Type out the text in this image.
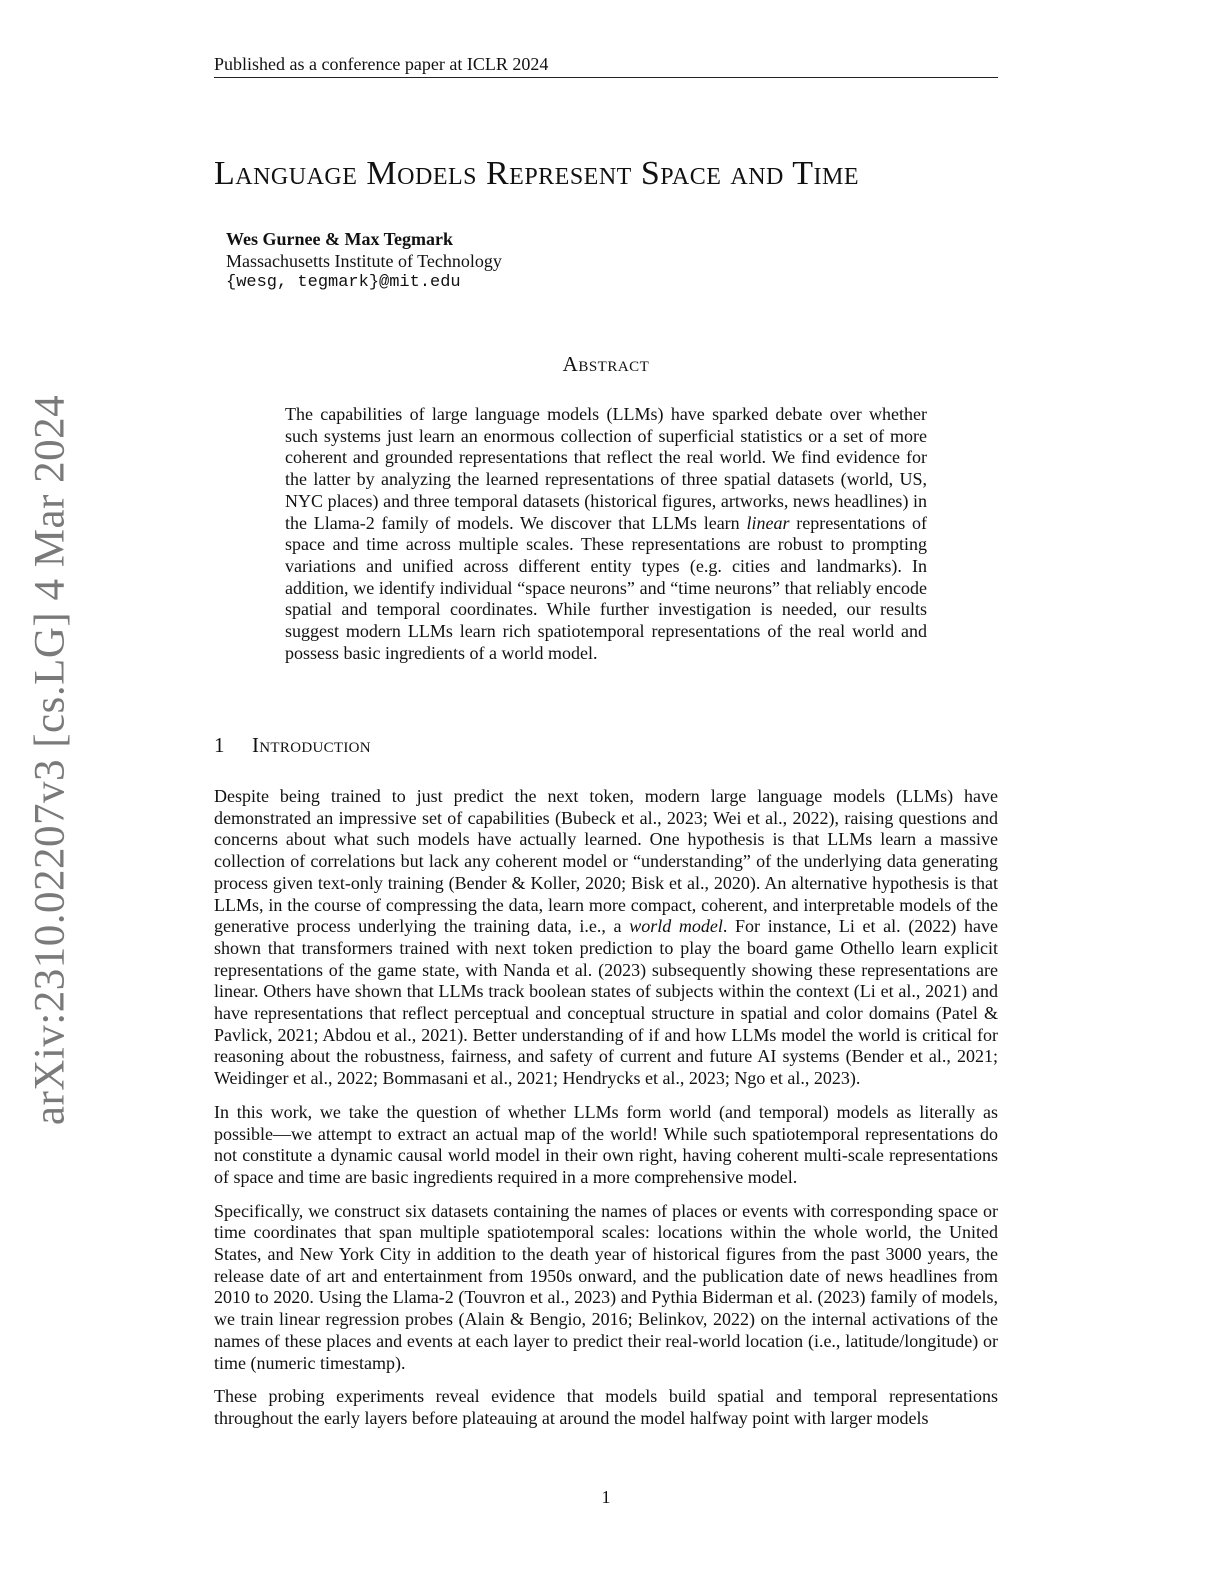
Published as a conference paper at ICLR 2024
arXiv:2310.02207v3 [cs.LG] 4 Mar 2024
Language Models Represent Space and Time
Wes Gurnee & Max Tegmark
Massachusetts Institute of Technology
{wesg, tegmark}@mit.edu
Abstract

The capabilities of large language models (LLMs) have sparked debate over whether such systems just learn an enormous collection of superficial statistics or a set of more coherent and grounded representations that reflect the real world. We find evidence for the latter by analyzing the learned representations of three spatial datasets (world, US, NYC places) and three temporal datasets (historical figures, artworks, news headlines) in the Llama-2 family of models. We discover that LLMs learn linear representations of space and time across multiple scales. These representations are robust to prompting variations and unified across different entity types (e.g. cities and landmarks). In addition, we identify individual “space neurons” and “time neurons” that reliably encode spatial and temporal coordinates. While further investigation is needed, our results suggest modern LLMs learn rich spatiotemporal representations of the real world and possess basic ingredients of a world model.

1 Introduction

Despite being trained to just predict the next token, modern large language models (LLMs) have demonstrated an impressive set of capabilities (Bubeck et al., 2023; Wei et al., 2022), raising questions and concerns about what such models have actually learned. One hypothesis is that LLMs learn a massive collection of correlations but lack any coherent model or “understanding” of the underlying data generating process given text-only training (Bender & Koller, 2020; Bisk et al., 2020). An alternative hypothesis is that LLMs, in the course of compressing the data, learn more compact, coherent, and interpretable models of the generative process underlying the training data, i.e., a world model. For instance, Li et al. (2022) have shown that transformers trained with next token prediction to play the board game Othello learn explicit representations of the game state, with Nanda et al. (2023) subsequently showing these representations are linear. Others have shown that LLMs track boolean states of subjects within the context (Li et al., 2021) and have representations that reflect perceptual and conceptual structure in spatial and color domains (Patel & Pavlick, 2021; Abdou et al., 2021). Better understanding of if and how LLMs model the world is critical for reasoning about the robustness, fairness, and safety of current and future AI systems (Bender et al., 2021; Weidinger et al., 2022; Bommasani et al., 2021; Hendrycks et al., 2023; Ngo et al., 2023).

In this work, we take the question of whether LLMs form world (and temporal) models as literally as possible—we attempt to extract an actual map of the world! While such spatiotemporal representations do not constitute a dynamic causal world model in their own right, having coherent multi-scale representations of space and time are basic ingredients required in a more comprehensive model.

Specifically, we construct six datasets containing the names of places or events with corresponding space or time coordinates that span multiple spatiotemporal scales: locations within the whole world, the United States, and New York City in addition to the death year of historical figures from the past 3000 years, the release date of art and entertainment from 1950s onward, and the publication date of news headlines from 2010 to 2020. Using the Llama-2 (Touvron et al., 2023) and Pythia Biderman et al. (2023) family of models, we train linear regression probes (Alain & Bengio, 2016; Belinkov, 2022) on the internal activations of the names of these places and events at each layer to predict their real-world location (i.e., latitude/longitude) or time (numeric timestamp).

These probing experiments reveal evidence that models build spatial and temporal representations throughout the early layers before plateauing at around the model halfway point with larger models

1
